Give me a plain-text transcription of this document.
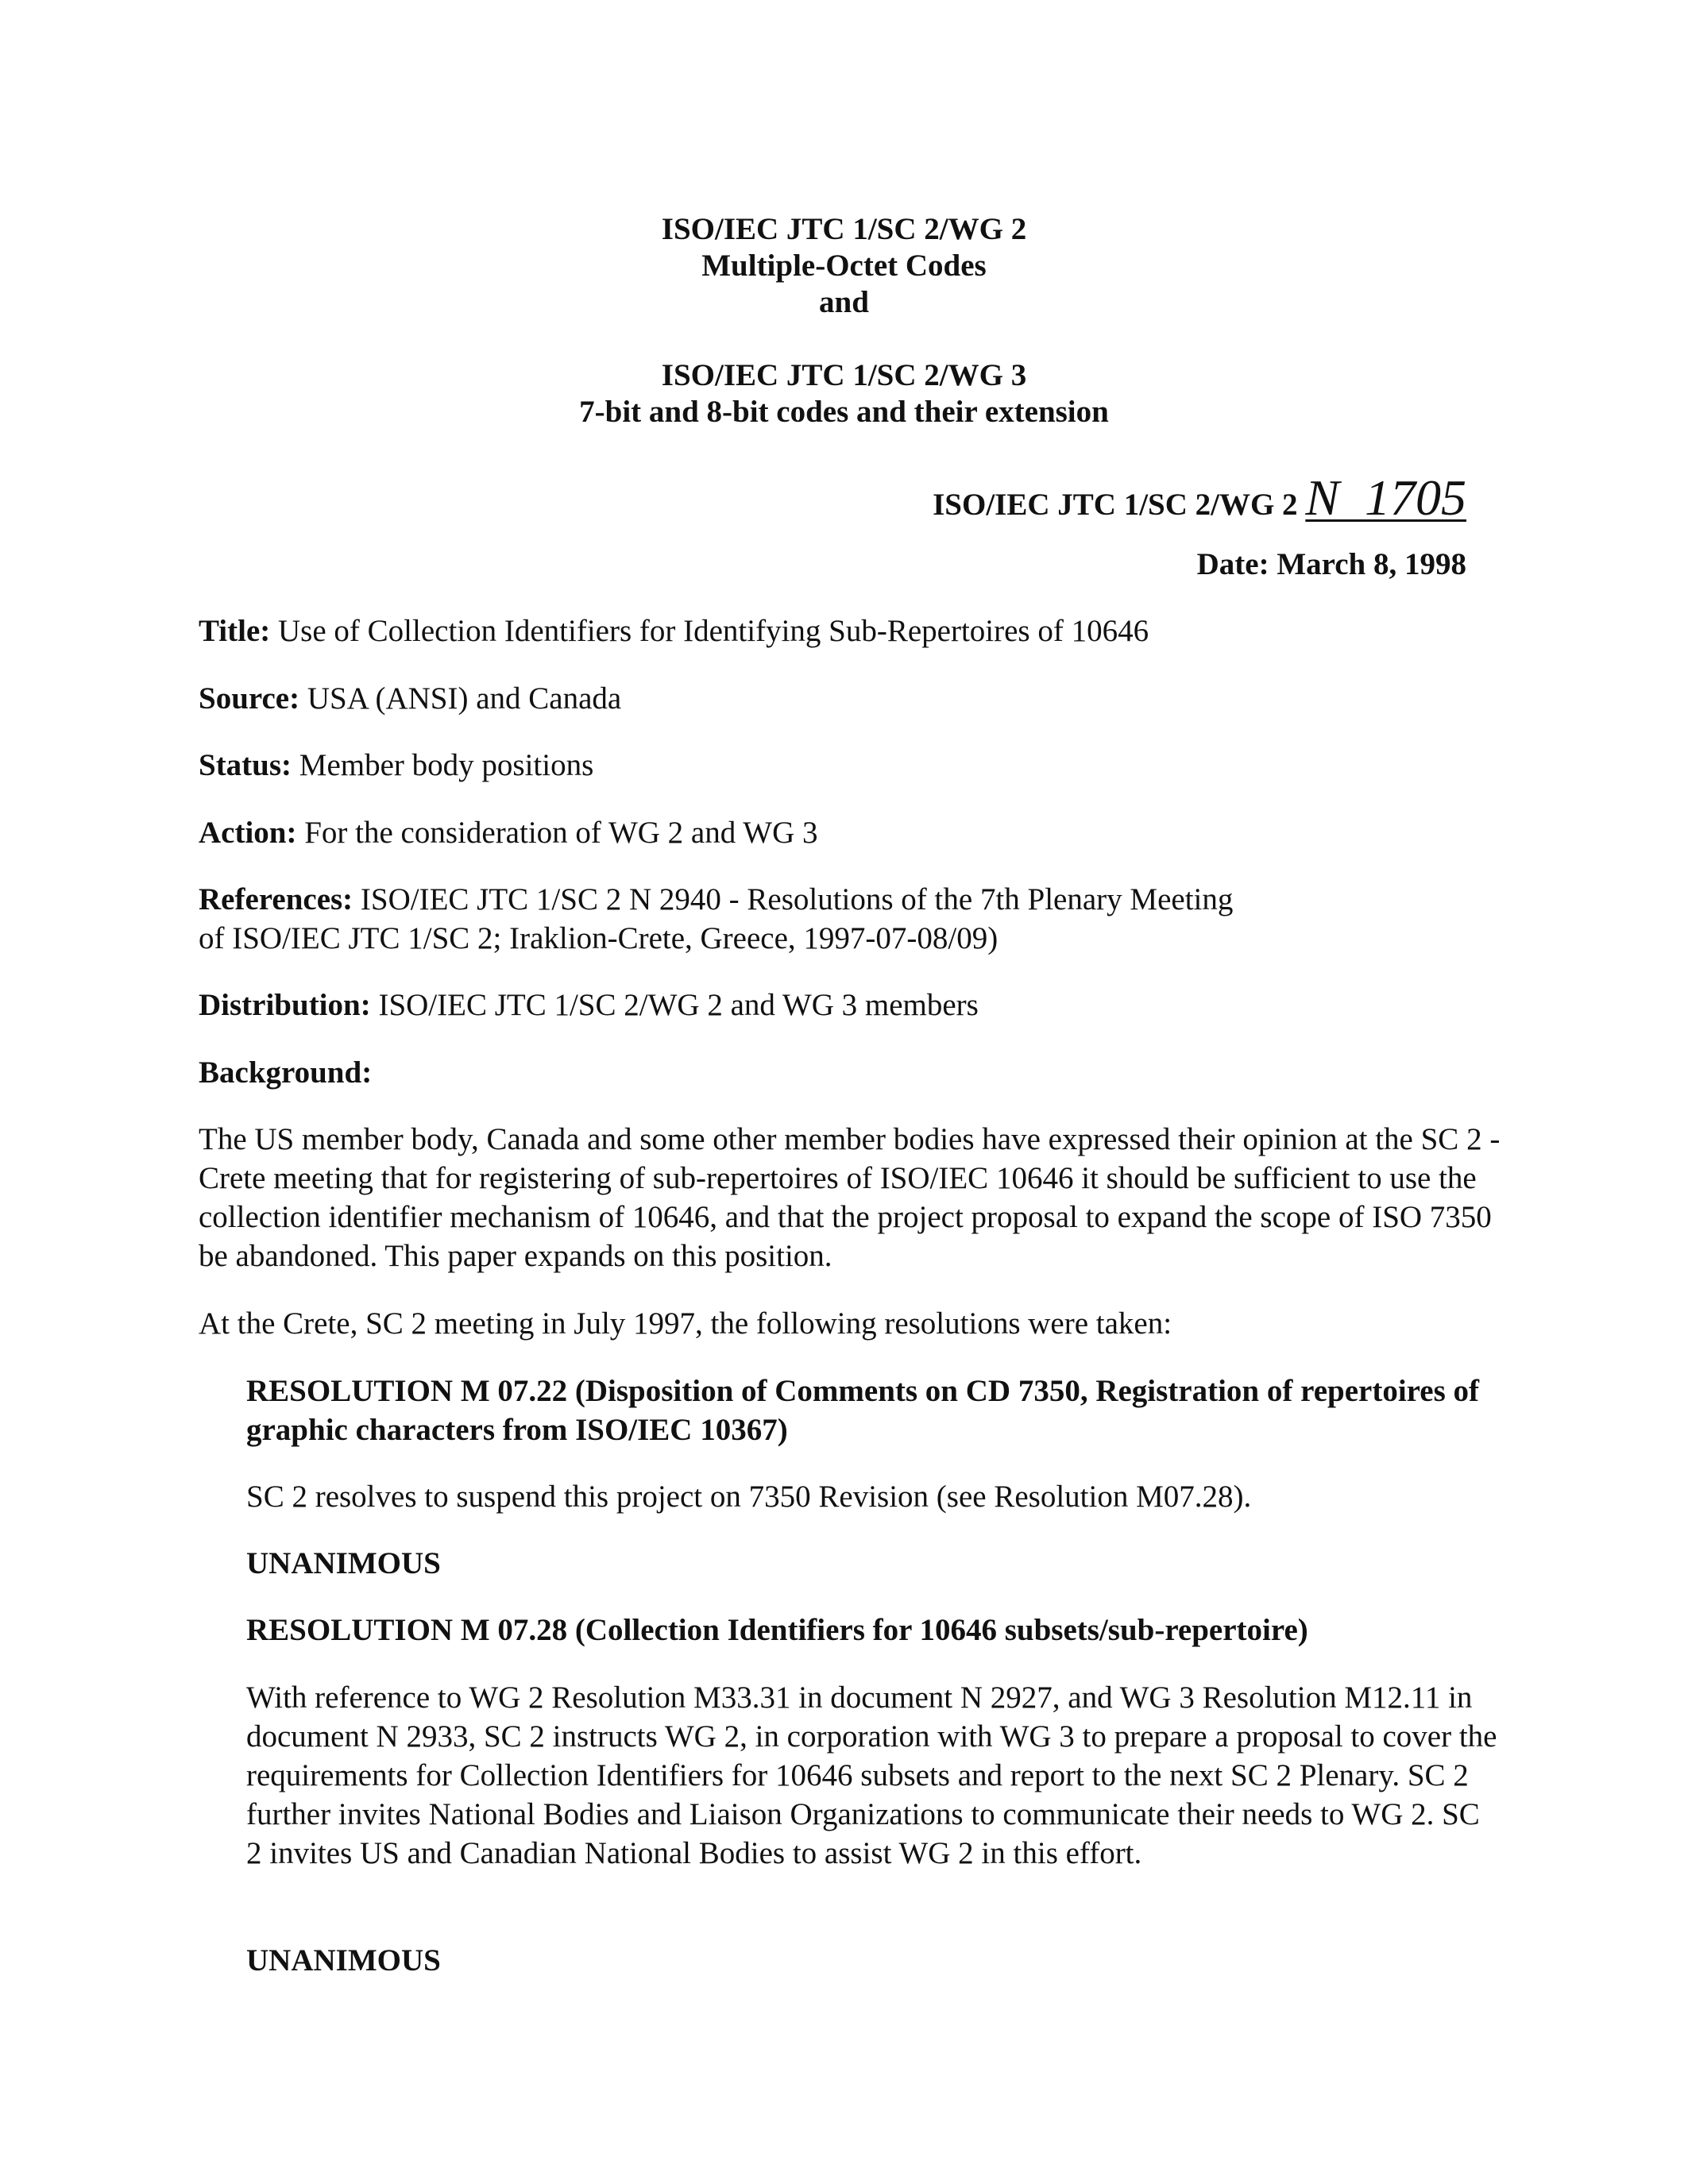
ISO/IEC JTC 1/SC 2/WG 2
Multiple-Octet Codes
and
ISO/IEC JTC 1/SC 2/WG 3
7-bit and 8-bit codes and their extension
ISO/IEC JTC 1/SC 2/WG 2 N  1705
Date: March 8, 1998
Title: Use of Collection Identifiers for Identifying Sub-Repertoires of 10646
Source: USA (ANSI) and Canada
Status: Member body positions
Action: For the consideration of WG 2 and WG 3
References: ISO/IEC JTC 1/SC 2 N 2940 - Resolutions of the 7th Plenary Meeting
of ISO/IEC JTC 1/SC 2; Iraklion-Crete, Greece, 1997-07-08/09)
Distribution: ISO/IEC JTC 1/SC 2/WG 2 and WG 3 members
Background:
The US member body, Canada and some other member bodies have expressed their opinion at the SC 2 - Crete meeting that for registering of sub-repertoires of ISO/IEC 10646 it should be sufficient to use the collection identifier mechanism of 10646, and that the project proposal to expand the scope of ISO 7350 be abandoned. This paper expands on this position.
At the Crete, SC 2 meeting in July 1997, the following resolutions were taken:
RESOLUTION M 07.22 (Disposition of Comments on CD 7350, Registration of repertoires of graphic characters from ISO/IEC 10367)
SC 2 resolves to suspend this project on 7350 Revision (see Resolution M07.28).
UNANIMOUS
RESOLUTION M 07.28 (Collection Identifiers for 10646 subsets/sub-repertoire)
With reference to WG 2 Resolution M33.31 in document N 2927, and WG 3 Resolution M12.11 in document N 2933, SC 2 instructs WG 2, in corporation with WG 3 to prepare a proposal to cover the requirements for Collection Identifiers for 10646 subsets and report to the next SC 2 Plenary. SC 2 further invites National Bodies and Liaison Organizations to communicate their needs to WG 2. SC 2 invites US and Canadian National Bodies to assist WG 2 in this effort.
UNANIMOUS
